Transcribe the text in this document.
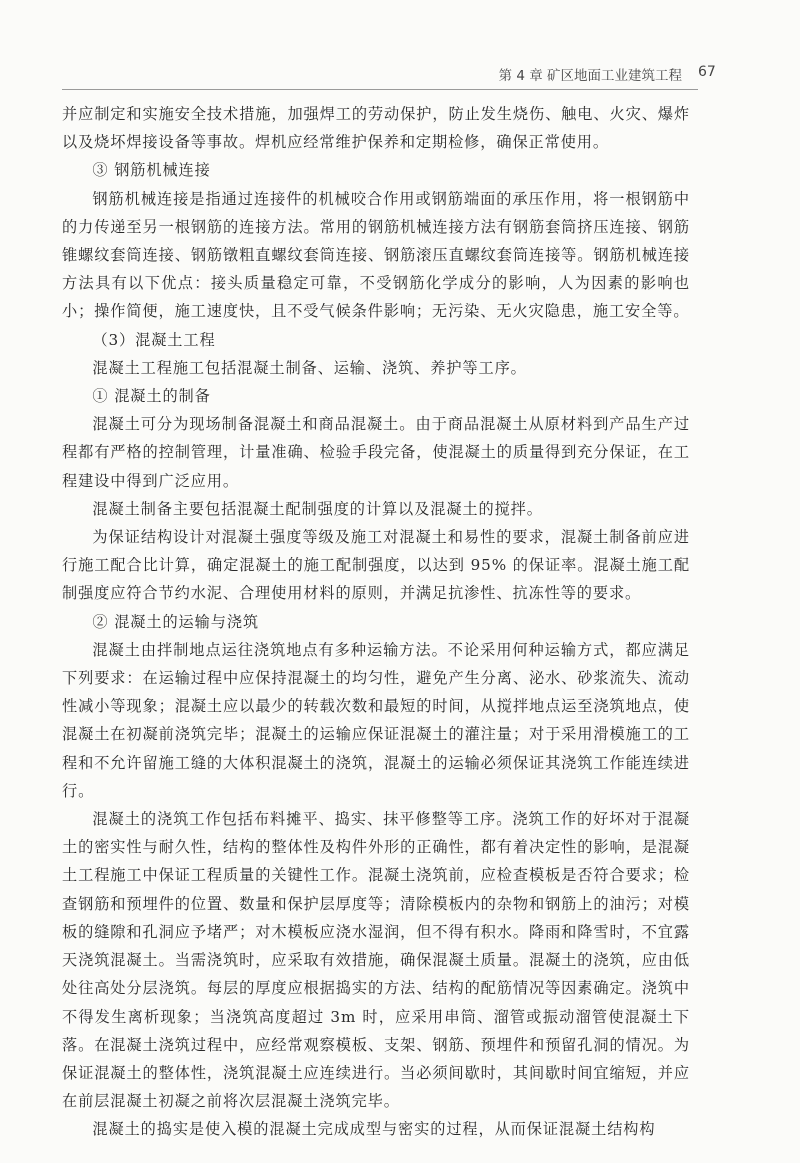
第 4 章 矿区地面工业建筑工程 67

并应制定和实施安全技术措施，加强焊工的劳动保护，防止发生烧伤、触电、火灾、爆炸以及烧坏焊接设备等事故。焊机应经常维护保养和定期检修，确保正常使用。

③ 钢筋机械连接

钢筋机械连接是指通过连接件的机械咬合作用或钢筋端面的承压作用，将一根钢筋中的力传递至另一根钢筋的连接方法。常用的钢筋机械连接方法有钢筋套筒挤压连接、钢筋锥螺纹套筒连接、钢筋镦粗直螺纹套筒连接、钢筋滚压直螺纹套筒连接等。钢筋机械连接方法具有以下优点：接头质量稳定可靠，不受钢筋化学成分的影响，人为因素的影响也小；操作简便，施工速度快，且不受气候条件影响；无污染、无火灾隐患，施工安全等。

（3）混凝土工程

混凝土工程施工包括混凝土制备、运输、浇筑、养护等工序。

① 混凝土的制备

混凝土可分为现场制备混凝土和商品混凝土。由于商品混凝土从原材料到产品生产过程都有严格的控制管理，计量准确、检验手段完备，使混凝土的质量得到充分保证，在工程建设中得到广泛应用。

混凝土制备主要包括混凝土配制强度的计算以及混凝土的搅拌。

为保证结构设计对混凝土强度等级及施工对混凝土和易性的要求，混凝土制备前应进行施工配合比计算，确定混凝土的施工配制强度，以达到 95% 的保证率。混凝土施工配制强度应符合节约水泥、合理使用材料的原则，并满足抗渗性、抗冻性等的要求。

② 混凝土的运输与浇筑

混凝土由拌制地点运往浇筑地点有多种运输方法。不论采用何种运输方式，都应满足下列要求：在运输过程中应保持混凝土的均匀性，避免产生分离、泌水、砂浆流失、流动性减小等现象；混凝土应以最少的转载次数和最短的时间，从搅拌地点运至浇筑地点，使混凝土在初凝前浇筑完毕；混凝土的运输应保证混凝土的灌注量；对于采用滑模施工的工程和不允许留施工缝的大体积混凝土的浇筑，混凝土的运输必须保证其浇筑工作能连续进行。

混凝土的浇筑工作包括布料摊平、捣实、抹平修整等工序。浇筑工作的好坏对于混凝土的密实性与耐久性，结构的整体性及构件外形的正确性，都有着决定性的影响，是混凝土工程施工中保证工程质量的关键性工作。混凝土浇筑前，应检查模板是否符合要求；检查钢筋和预埋件的位置、数量和保护层厚度等；清除模板内的杂物和钢筋上的油污；对模板的缝隙和孔洞应予堵严；对木模板应浇水湿润，但不得有积水。降雨和降雪时，不宜露天浇筑混凝土。当需浇筑时，应采取有效措施，确保混凝土质量。混凝土的浇筑，应由低处往高处分层浇筑。每层的厚度应根据捣实的方法、结构的配筋情况等因素确定。浇筑中不得发生离析现象；当浇筑高度超过 3m 时，应采用串筒、溜管或振动溜管使混凝土下落。在混凝土浇筑过程中，应经常观察模板、支架、钢筋、预埋件和预留孔洞的情况。为保证混凝土的整体性，浇筑混凝土应连续进行。当必须间歇时，其间歇时间宜缩短，并应在前层混凝土初凝之前将次层混凝土浇筑完毕。

混凝土的捣实是使入模的混凝土完成成型与密实的过程，从而保证混凝土结构构
